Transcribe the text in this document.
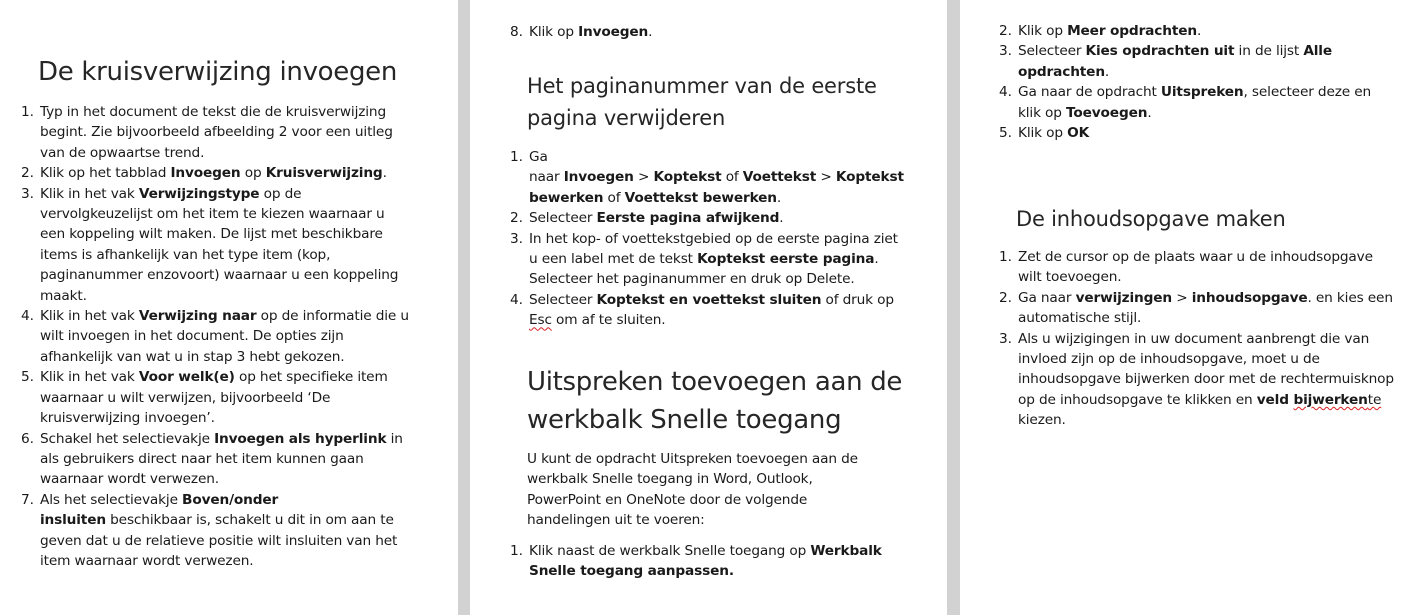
De kruisverwijzing invoegen
1. Typ in het document de tekst die de kruisverwijzing begint. Zie bijvoorbeeld afbeelding 2 voor een uitleg van de opwaartse trend.
2. Klik op het tabblad Invoegen op Kruisverwijzing.
3. Klik in het vak Verwijzingstype op de vervolgkeuzelijst om het item te kiezen waarnaar u een koppeling wilt maken. De lijst met beschikbare items is afhankelijk van het type item (kop, paginanummer enzovoort) waarnaar u een koppeling maakt.
4. Klik in het vak Verwijzing naar op de informatie die u wilt invoegen in het document. De opties zijn afhankelijk van wat u in stap 3 hebt gekozen.
5. Klik in het vak Voor welk(e) op het specifieke item waarnaar u wilt verwijzen, bijvoorbeeld ‘De kruisverwijzing invoegen’.
6. Schakel het selectievakje Invoegen als hyperlink in als gebruikers direct naar het item kunnen gaan waarnaar wordt verwezen.
7. Als het selectievakje Boven/onder
insluiten beschikbaar is, schakelt u dit in om aan te geven dat u de relatieve positie wilt insluiten van het item waarnaar wordt verwezen.
8. Klik op Invoegen.
Het paginanummer van de eerste pagina verwijderen
1. Ga
naar Invoegen > Koptekst of Voettekst > Koptekst bewerken of Voettekst bewerken.
2. Selecteer Eerste pagina afwijkend.
3. In het kop- of voettekstgebied op de eerste pagina ziet u een label met de tekst Koptekst eerste pagina. Selecteer het paginanummer en druk op Delete.
4. Selecteer Koptekst en voettekst sluiten of druk op Esc om af te sluiten.
Uitspreken toevoegen aan de werkbalk Snelle toegang

U kunt de opdracht Uitspreken toevoegen aan de werkbalk Snelle toegang in Word, Outlook, PowerPoint en OneNote door de volgende handelingen uit te voeren:

1. Klik naast de werkbalk Snelle toegang op Werkbalk Snelle toegang aanpassen.
2. Klik op Meer opdrachten.
3. Selecteer Kies opdrachten uit in de lijst Alle opdrachten.
4. Ga naar de opdracht Uitspreken, selecteer deze en klik op Toevoegen.
5. Klik op OK
De inhoudsopgave maken
1. Zet de cursor op de plaats waar u de inhoudsopgave wilt toevoegen.
2. Ga naar verwijzingen > inhoudsopgave. en kies een automatische stijl.
3. Als u wijzigingen in uw document aanbrengt die van invloed zijn op de inhoudsopgave, moet u de inhoudsopgave bijwerken door met de rechtermuisknop op de inhoudsopgave te klikken en veld bijwerkente kiezen.
